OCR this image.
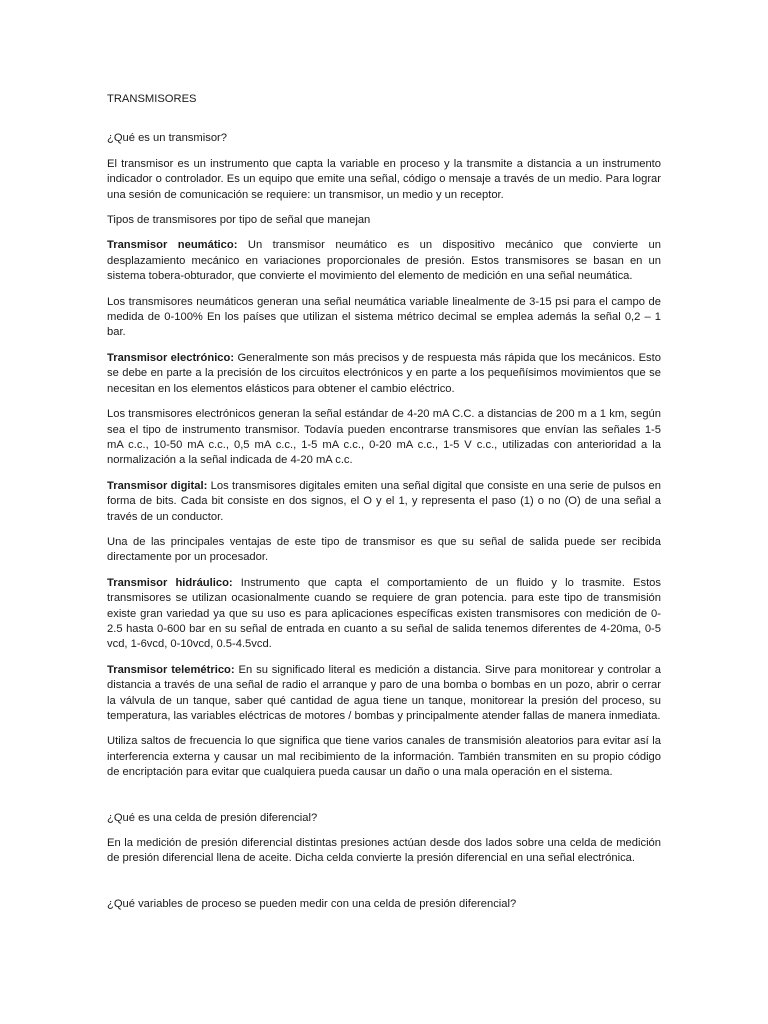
TRANSMISORES

¿Qué es un transmisor?

El transmisor es un instrumento que capta la variable en proceso y la transmite a distancia a un instrumento indicador o controlador. Es un equipo que emite una señal, código o mensaje a través de un medio. Para lograr una sesión de comunicación se requiere: un transmisor, un medio y un receptor.

Tipos de transmisores por tipo de señal que manejan

Transmisor neumático: Un transmisor neumático es un dispositivo mecánico que convierte un desplazamiento mecánico en variaciones proporcionales de presión. Estos transmisores se basan en un sistema tobera-obturador, que convierte el movimiento del elemento de medición en una señal neumática.

Los transmisores neumáticos generan una señal neumática variable linealmente de 3-15 psi para el campo de medida de 0-100% En los países que utilizan el sistema métrico decimal se emplea además la señal 0,2 – 1 bar.

Transmisor electrónico: Generalmente son más precisos y de respuesta más rápida que los mecánicos. Esto se debe en parte a la precisión de los circuitos electrónicos y en parte a los pequeñísimos movimientos que se necesitan en los elementos elásticos para obtener el cambio eléctrico.

Los transmisores electrónicos generan la señal estándar de 4-20 mA C.C. a distancias de 200 m a 1 km, según sea el tipo de instrumento transmisor. Todavía pueden encontrarse transmisores que envían las señales 1-5 mA c.c., 10-50 mA c.c., 0,5 mA c.c., 1-5 mA c.c., 0-20 mA c.c., 1-5 V c.c., utilizadas con anterioridad a la normalización a la señal indicada de 4-20 mA c.c.

Transmisor digital: Los transmisores digitales emiten una señal digital que consiste en una serie de pulsos en forma de bits. Cada bit consiste en dos signos, el O y el 1, y representa el paso (1) o no (O) de una señal a través de un conductor.

Una de las principales ventajas de este tipo de transmisor es que su señal de salida puede ser recibida directamente por un procesador.

Transmisor hidráulico: Instrumento que capta el comportamiento de un fluido y lo trasmite. Estos transmisores se utilizan ocasionalmente cuando se requiere de gran potencia. para este tipo de transmisión existe gran variedad ya que su uso es para aplicaciones específicas existen transmisores con medición de 0-2.5 hasta 0-600 bar en su señal de entrada en cuanto a su señal de salida tenemos diferentes de 4-20ma, 0-5 vcd, 1-6vcd, 0-10vcd, 0.5-4.5vcd.

Transmisor telemétrico: En su significado literal es medición a distancia. Sirve para monitorear y controlar a distancia a través de una señal de radio el arranque y paro de una bomba o bombas en un pozo, abrir o cerrar la válvula de un tanque, saber qué cantidad de agua tiene un tanque, monitorear la presión del proceso, su temperatura, las variables eléctricas de motores / bombas y principalmente atender fallas de manera inmediata.

Utiliza saltos de frecuencia lo que significa que tiene varios canales de transmisión aleatorios para evitar así la interferencia externa y causar un mal recibimiento de la información. También transmiten en su propio código de encriptación para evitar que cualquiera pueda causar un daño o una mala operación en el sistema.

¿Qué es una celda de presión diferencial?

En la medición de presión diferencial distintas presiones actúan desde dos lados sobre una celda de medición de presión diferencial llena de aceite. Dicha celda convierte la presión diferencial en una señal electrónica.

¿Qué variables de proceso se pueden medir con una celda de presión diferencial?
